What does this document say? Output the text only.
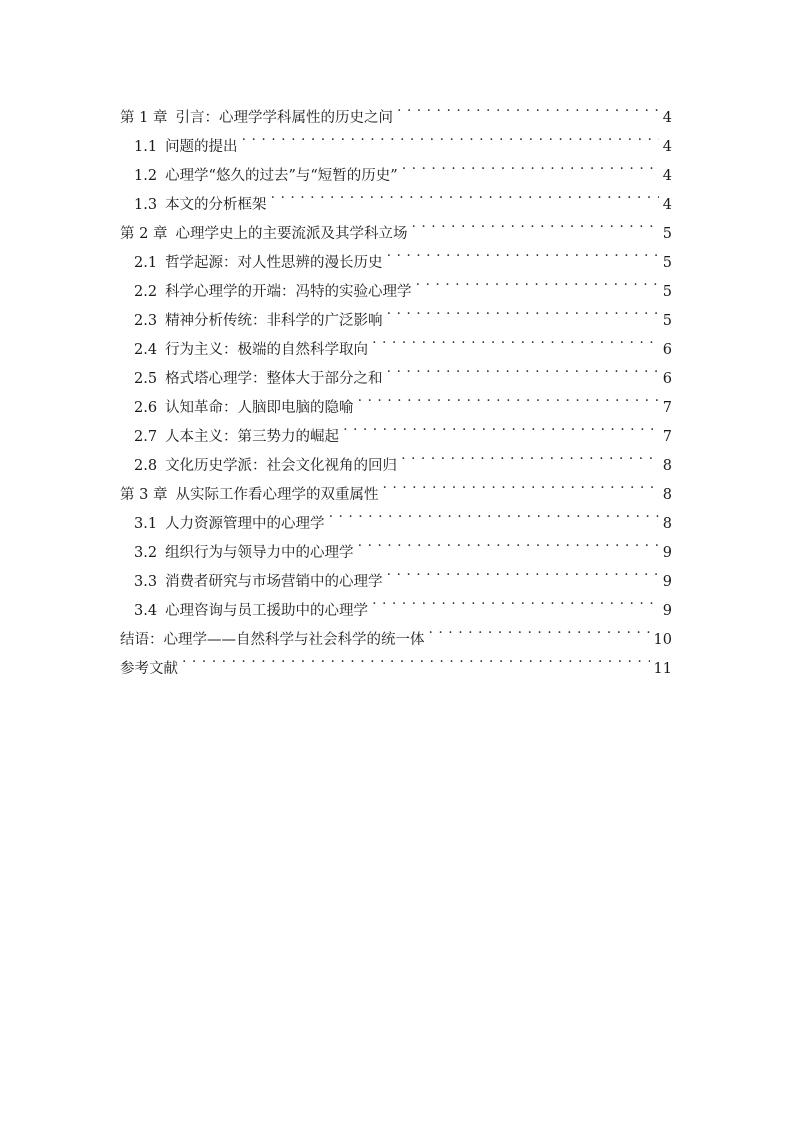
第 1 章 引言：心理学学科属性的历史之问 . . .	4
1.1 问题的提出 . . .	4
1.2 心理学“悠久的过去”与“短暂的历史” . . .	4
1.3 本文的分析框架 . . .	4
第 2 章 心理学史上的主要流派及其学科立场 . . .	5
2.1 哲学起源：对人性思辨的漫长历史 . . .	5
2.2 科学心理学的开端：冯特的实验心理学 . . .	5
2.3 精神分析传统：非科学的广泛影响 . . .	5
2.4 行为主义：极端的自然科学取向 . . .	6
2.5 格式塔心理学：整体大于部分之和 . . .	6
2.6 认知革命：人脑即电脑的隐喻 . . .	7
2.7 人本主义：第三势力的崛起 . . .	7
2.8 文化历史学派：社会文化视角的回归 . . .	8
第 3 章 从实际工作看心理学的双重属性 . . .	8
3.1 人力资源管理中的心理学 . . .	8
3.2 组织行为与领导力中的心理学 . . .	9
3.3 消费者研究与市场营销中的心理学 . . .	9
3.4 心理咨询与员工援助中的心理学 . . .	9
结语：心理学——自然科学与社会科学的统一体 . . .	10
参考文献 . . .	11
